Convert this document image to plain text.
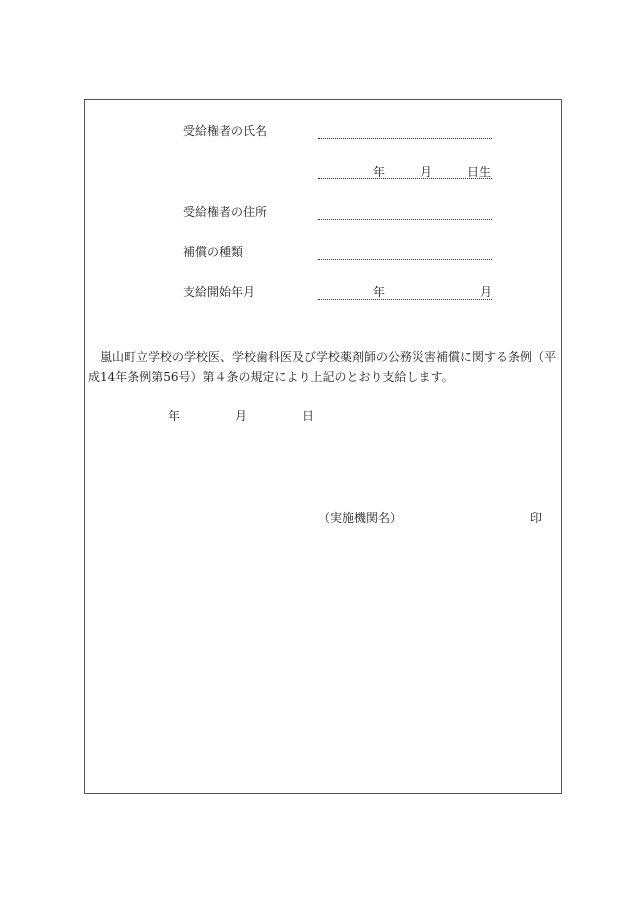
受給権者の氏名
年	月	日生
受給権者の住所
補償の種類
支給開始年月	年	月
嵐山町立学校の学校医、学校歯科医及び学校薬剤師の公務災害補償に関する条例（平成14年条例第56号）第４条の規定により上記のとおり支給します。
年	月	日
（実施機関名）	印
